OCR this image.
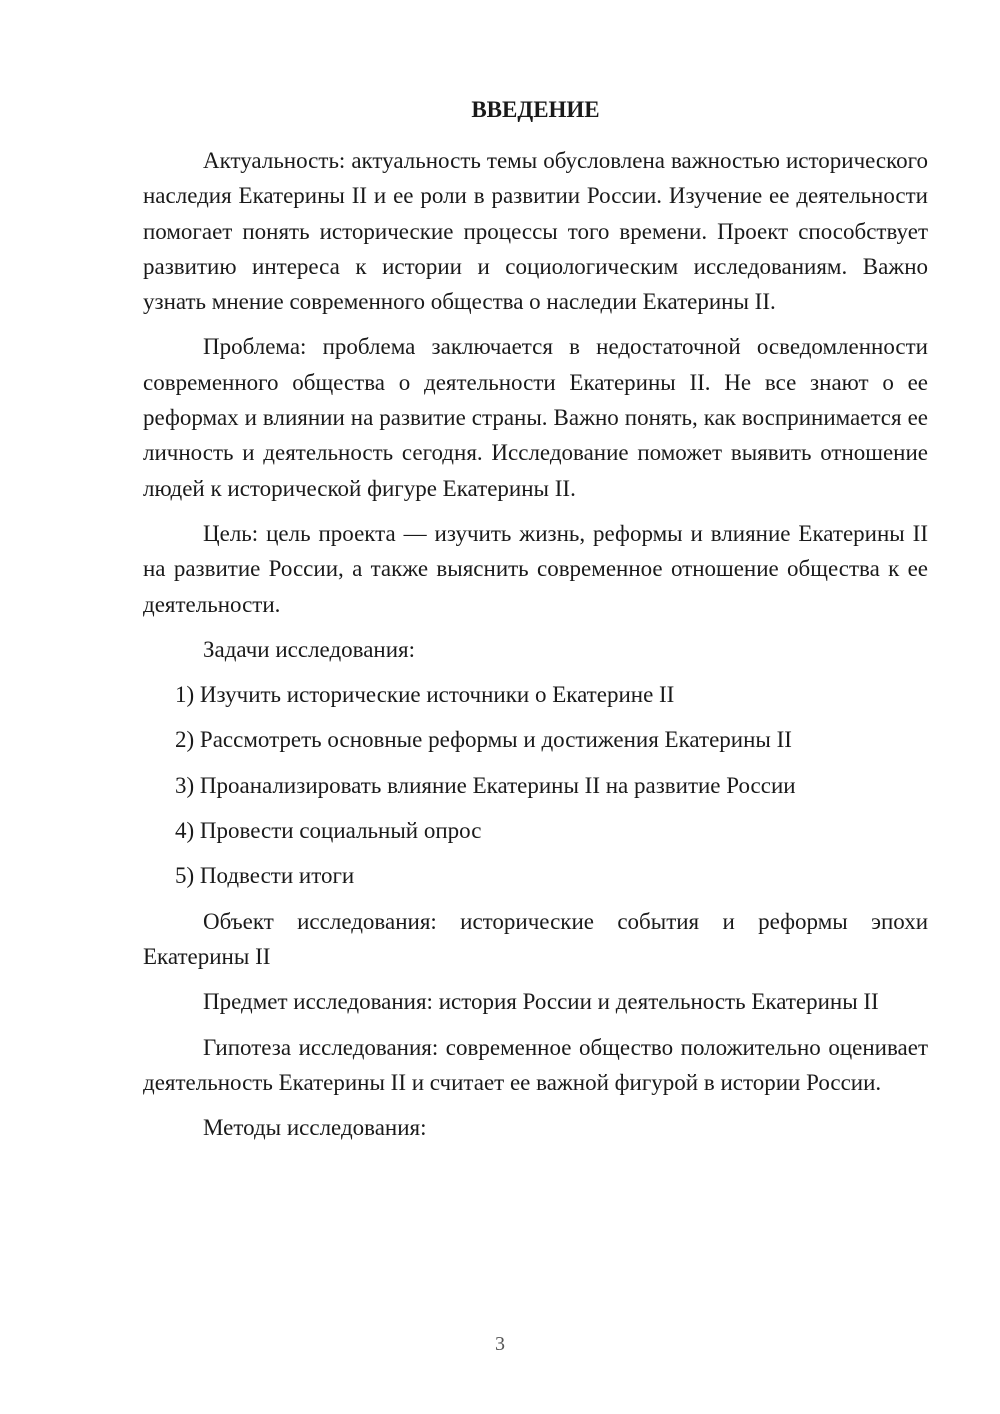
ВВЕДЕНИЕ

Актуальность: актуальность темы обусловлена важностью исторического наследия Екатерины II и ее роли в развитии России. Изучение ее деятельности помогает понять исторические процессы того времени. Проект способствует развитию интереса к истории и социологическим исследованиям. Важно узнать мнение современного общества о наследии Екатерины II.

Проблема: проблема заключается в недостаточной осведомленности современного общества о деятельности Екатерины II. Не все знают о ее реформах и влиянии на развитие страны. Важно понять, как воспринимается ее личность и деятельность сегодня. Исследование поможет выявить отношение людей к исторической фигуре Екатерины II.

Цель: цель проекта — изучить жизнь, реформы и влияние Екатерины II на развитие России, а также выяснить современное отношение общества к ее деятельности.

Задачи исследования:

1) Изучить исторические источники о Екатерине II
2) Рассмотреть основные реформы и достижения Екатерины II
3) Проанализировать влияние Екатерины II на развитие России
4) Провести социальный опрос
5) Подвести итоги

Объект исследования: исторические события и реформы эпохи Екатерины II

Предмет исследования: история России и деятельность Екатерины II

Гипотеза исследования: современное общество положительно оценивает деятельность Екатерины II и считает ее важной фигурой в истории России.

Методы исследования:

3
